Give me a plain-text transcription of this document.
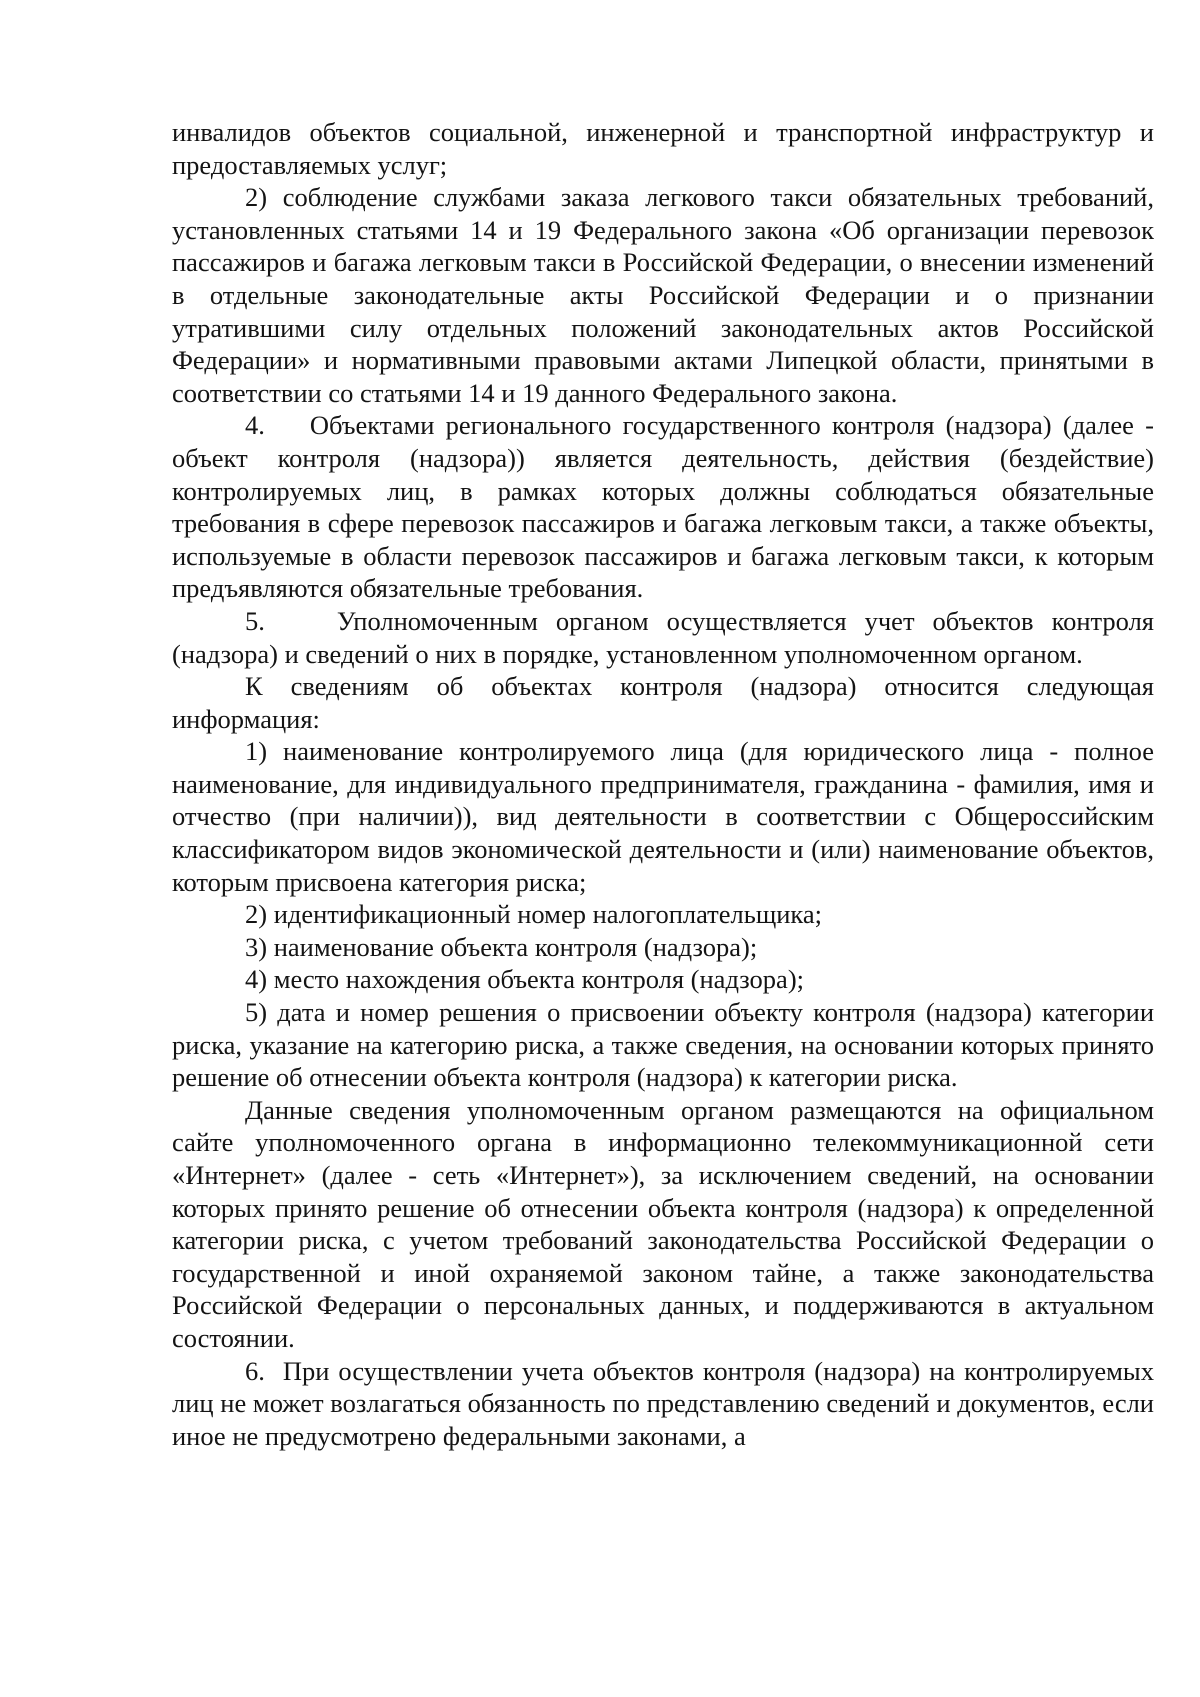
инвалидов объектов социальной, инженерной и транспортной инфраструктур и предоставляемых услуг;

2) соблюдение службами заказа легкового такси обязательных требований, установленных статьями 14 и 19 Федерального закона «Об организации перевозок пассажиров и багажа легковым такси в Российской Федерации, о внесении изменений в отдельные законодательные акты Российской Федерации и о признании утратившими силу отдельных положений законодательных актов Российской Федерации» и нормативными правовыми актами Липецкой области, принятыми в соответствии со статьями 14 и 19 данного Федерального закона.

4.    Объектами регионального государственного контроля (надзора) (далее - объект контроля (надзора)) является деятельность, действия (бездействие) контролируемых лиц, в рамках которых должны соблюдаться обязательные требования в сфере перевозок пассажиров и багажа легковым такси, а также объекты, используемые в области перевозок пассажиров и багажа легковым такси, к которым предъявляются обязательные требования.

5.    Уполномоченным органом осуществляется учет объектов контроля (надзора) и сведений о них в порядке, установленном уполномоченном органом.

К сведениям об объектах контроля (надзора) относится следующая информация:

1) наименование контролируемого лица (для юридического лица - полное наименование, для индивидуального предпринимателя, гражданина - фамилия, имя и отчество (при наличии)), вид деятельности в соответствии с Общероссийским классификатором видов экономической деятельности и (или) наименование объектов, которым присвоена категория риска;

2) идентификационный номер налогоплательщика;

3) наименование объекта контроля (надзора);

4) место нахождения объекта контроля (надзора);

5) дата и номер решения о присвоении объекту контроля (надзора) категории риска, указание на категорию риска, а также сведения, на основании которых принято решение об отнесении объекта контроля (надзора) к категории риска.

Данные сведения уполномоченным органом размещаются на официальном сайте уполномоченного органа в информационно телекоммуникационной сети «Интернет» (далее - сеть «Интернет»), за исключением сведений, на основании которых принято решение об отнесении объекта контроля (надзора) к определенной категории риска, с учетом требований законодательства Российской Федерации о государственной и иной охраняемой законом тайне, а также законодательства Российской Федерации о персональных данных, и поддерживаются в актуальном состоянии.

6.  При осуществлении учета объектов контроля (надзора) на контролируемых лиц не может возлагаться обязанность по представлению сведений и документов, если иное не предусмотрено федеральными законами, а
